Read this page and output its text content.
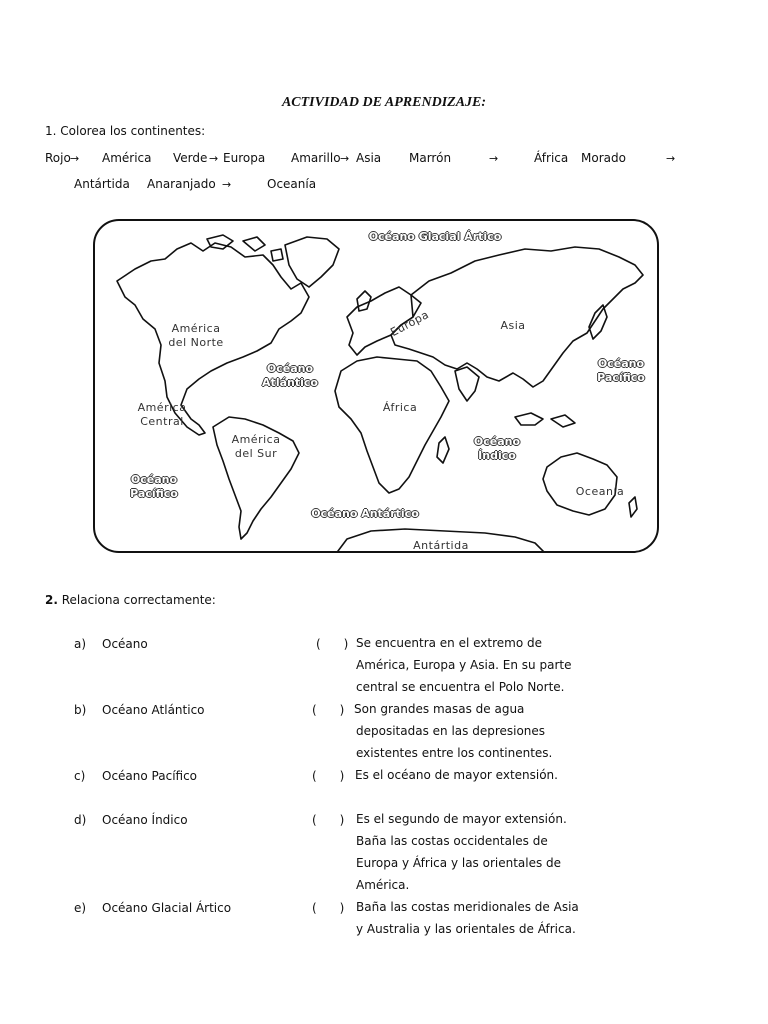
ACTIVIDAD DE APRENDIZAJE:
1. Colorea los continentes:
Rojo → América Verde → Europa Amarillo → Asia Marrón	→	África Morado	→
Antártida Anaranjado →	Oceanía
Océano Glacial Ártico
América
del Norte
Océano
Atlántico
Europa	Asia
Océano
Pacífico
América
Central
África
América
del Sur
Océano
Índico
Océano
Pacífico	Oceanía
Océano Antártico
Antártida
2. Relaciona correctamente:
a) Océano	(      ) Se encuentra en el extremo de América, Europa y Asia. En su parte central se encuentra el Polo Norte.
b) Océano Atlántico	(      ) Son grandes masas de agua depositadas en las depresiones existentes entre los continentes.
c) Océano Pacífico	(      ) Es el océano de mayor extensión.
d) Océano Índico	(      ) Es el segundo de mayor extensión. Baña las costas occidentales de Europa y África y las orientales de América.
e) Océano Glacial Ártico	(      ) Baña las costas meridionales de Asia y Australia y las orientales de África.
